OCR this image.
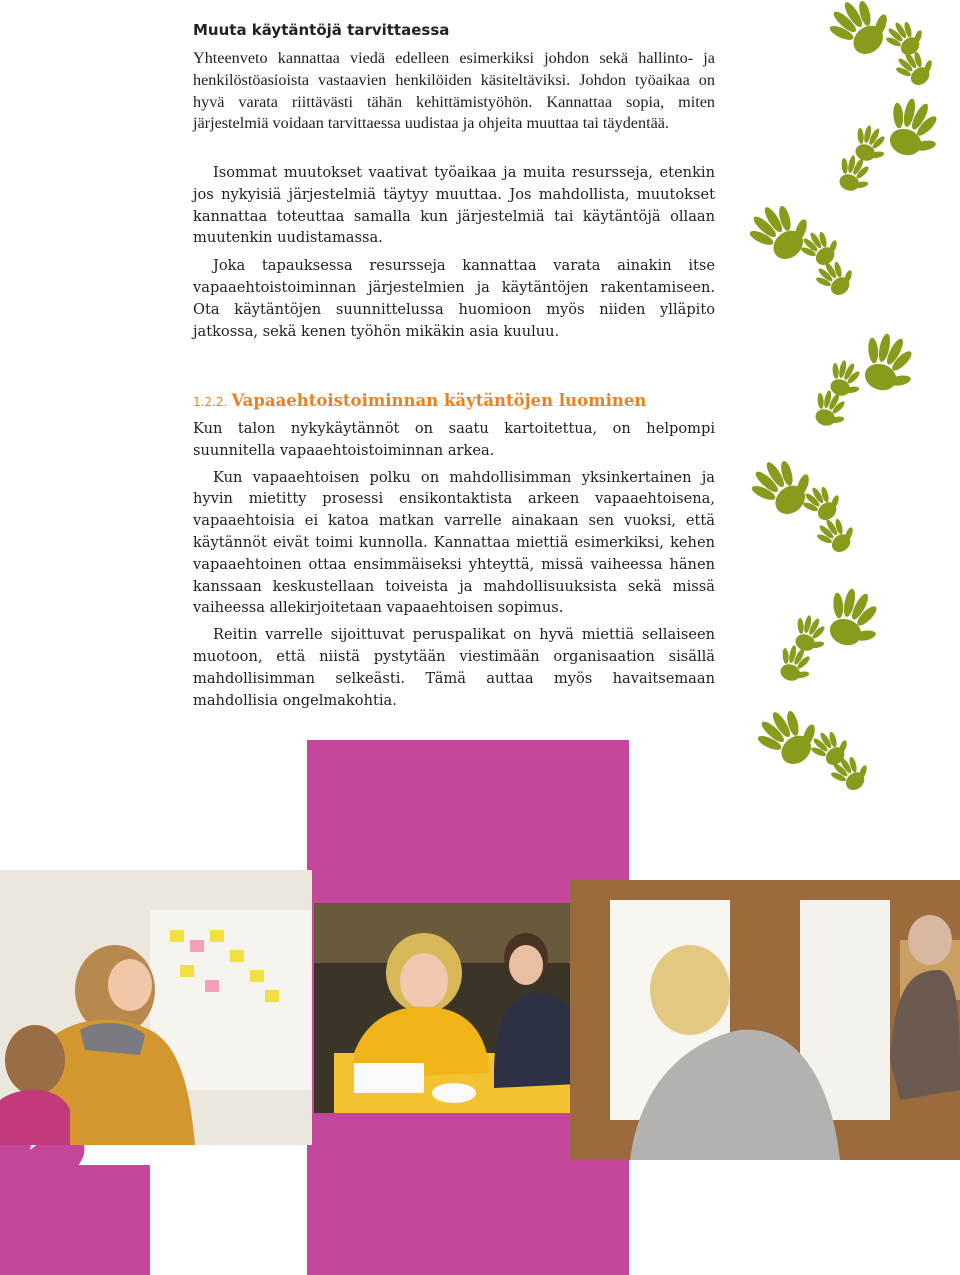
Muuta käytäntöjä tarvittaessa

Yhteenveto kannattaa viedä edelleen esimerkiksi johdon sekä hallinto- ja henkilöstöasioista vastaavien henkilöiden käsiteltäviksi. Johdon työaikaa on hyvä varata riittävästi tähän kehittämistyöhön. Kannattaa sopia, miten järjestelmiä voidaan tarvittaessa uudistaa ja ohjeita muuttaa tai täydentää.

Isommat muutokset vaativat työaikaa ja muita resursseja, etenkin jos nykyisiä järjestelmiä täytyy muuttaa. Jos mahdollista, muutokset kannattaa toteuttaa samalla kun järjestelmiä tai käytäntöjä ollaan muutenkin uudistamassa.

Joka tapauksessa resursseja kannattaa varata ainakin itse vapaaehtoistoiminnan järjestelmien ja käytäntöjen rakentamiseen. Ota käytäntöjen suunnittelussa huomioon myös niiden ylläpito jatkossa, sekä kenen työhön mikäkin asia kuuluu.

1.2.2. Vapaaehtoistoiminnan käytäntöjen luominen

Kun talon nykykäytännöt on saatu kartoitettua, on helpompi suunnitella vapaaehtoistoiminnan arkea.

Kun vapaaehtoisen polku on mahdollisimman yksinkertainen ja hyvin mietitty prosessi ensikontaktista arkeen vapaaehtoisena, vapaaehtoisia ei katoa matkan varrelle ainakaan sen vuoksi, että käytännöt eivät toimi kunnolla. Kannattaa miettiä esimerkiksi, kehen vapaaehtoinen ottaa ensimmäiseksi yhteyttä, missä vaiheessa hänen kanssaan keskustellaan toiveista ja mahdollisuuksista sekä missä vaiheessa allekirjoitetaan vapaaehtoisen sopimus.

Reitin varrelle sijoittuvat peruspalikat on hyvä miettiä sellaiseen muotoon, että niistä pystytään viestimään organisaation sisällä mahdollisimman selkeästi. Tämä auttaa myös havaitsemaan mahdollisia ongelmakohtia.

18
